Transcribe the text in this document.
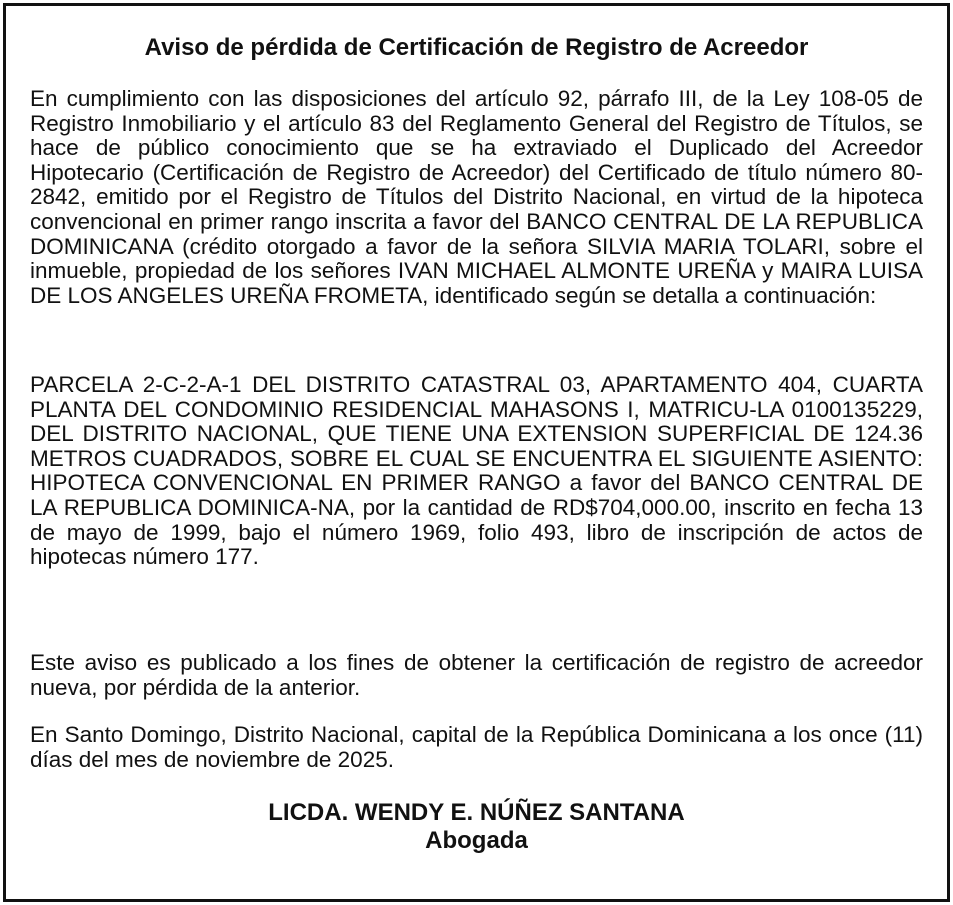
Aviso de pérdida de Certificación de Registro de Acreedor

En cumplimiento con las disposiciones del artículo 92, párrafo III, de la Ley 108-05 de Registro Inmobiliario y el artículo 83 del Reglamento General del Registro de Títulos, se hace de público conocimiento que se ha extraviado el Duplicado del Acreedor Hipotecario (Certificación de Registro de Acreedor) del Certificado de título número 80-2842, emitido por el Registro de Títulos del Distrito Nacional, en virtud de la hipoteca convencional en primer rango inscrita a favor del BANCO CENTRAL DE LA REPUBLICA DOMINICANA (crédito otorgado a favor de la señora SILVIA MARIA TOLARI, sobre el inmueble, propiedad de los señores IVAN MICHAEL ALMONTE UREÑA y MAIRA LUISA DE LOS ANGELES UREÑA FROMETA, identificado según se detalla a continuación:

PARCELA 2-C-2-A-1 DEL DISTRITO CATASTRAL 03, APARTAMENTO 404, CUARTA PLANTA DEL CONDOMINIO RESIDENCIAL MAHASONS I, MATRICU-LA 0100135229, DEL DISTRITO NACIONAL, QUE TIENE UNA EXTENSION SUPERFICIAL DE 124.36 METROS CUADRADOS, SOBRE EL CUAL SE ENCUENTRA EL SIGUIENTE ASIENTO: HIPOTECA CONVENCIONAL EN PRIMER RANGO a favor del BANCO CENTRAL DE LA REPUBLICA DOMINICA-NA, por la cantidad de RD$704,000.00, inscrito en fecha 13 de mayo de 1999, bajo el número 1969, folio 493, libro de inscripción de actos de hipotecas número 177.

Este aviso es publicado a los fines de obtener la certificación de registro de acreedor nueva, por pérdida de la anterior.

En Santo Domingo, Distrito Nacional, capital de la República Dominicana a los once (11) días del mes de noviembre de 2025.

LICDA. WENDY E. NÚÑEZ SANTANA
Abogada
